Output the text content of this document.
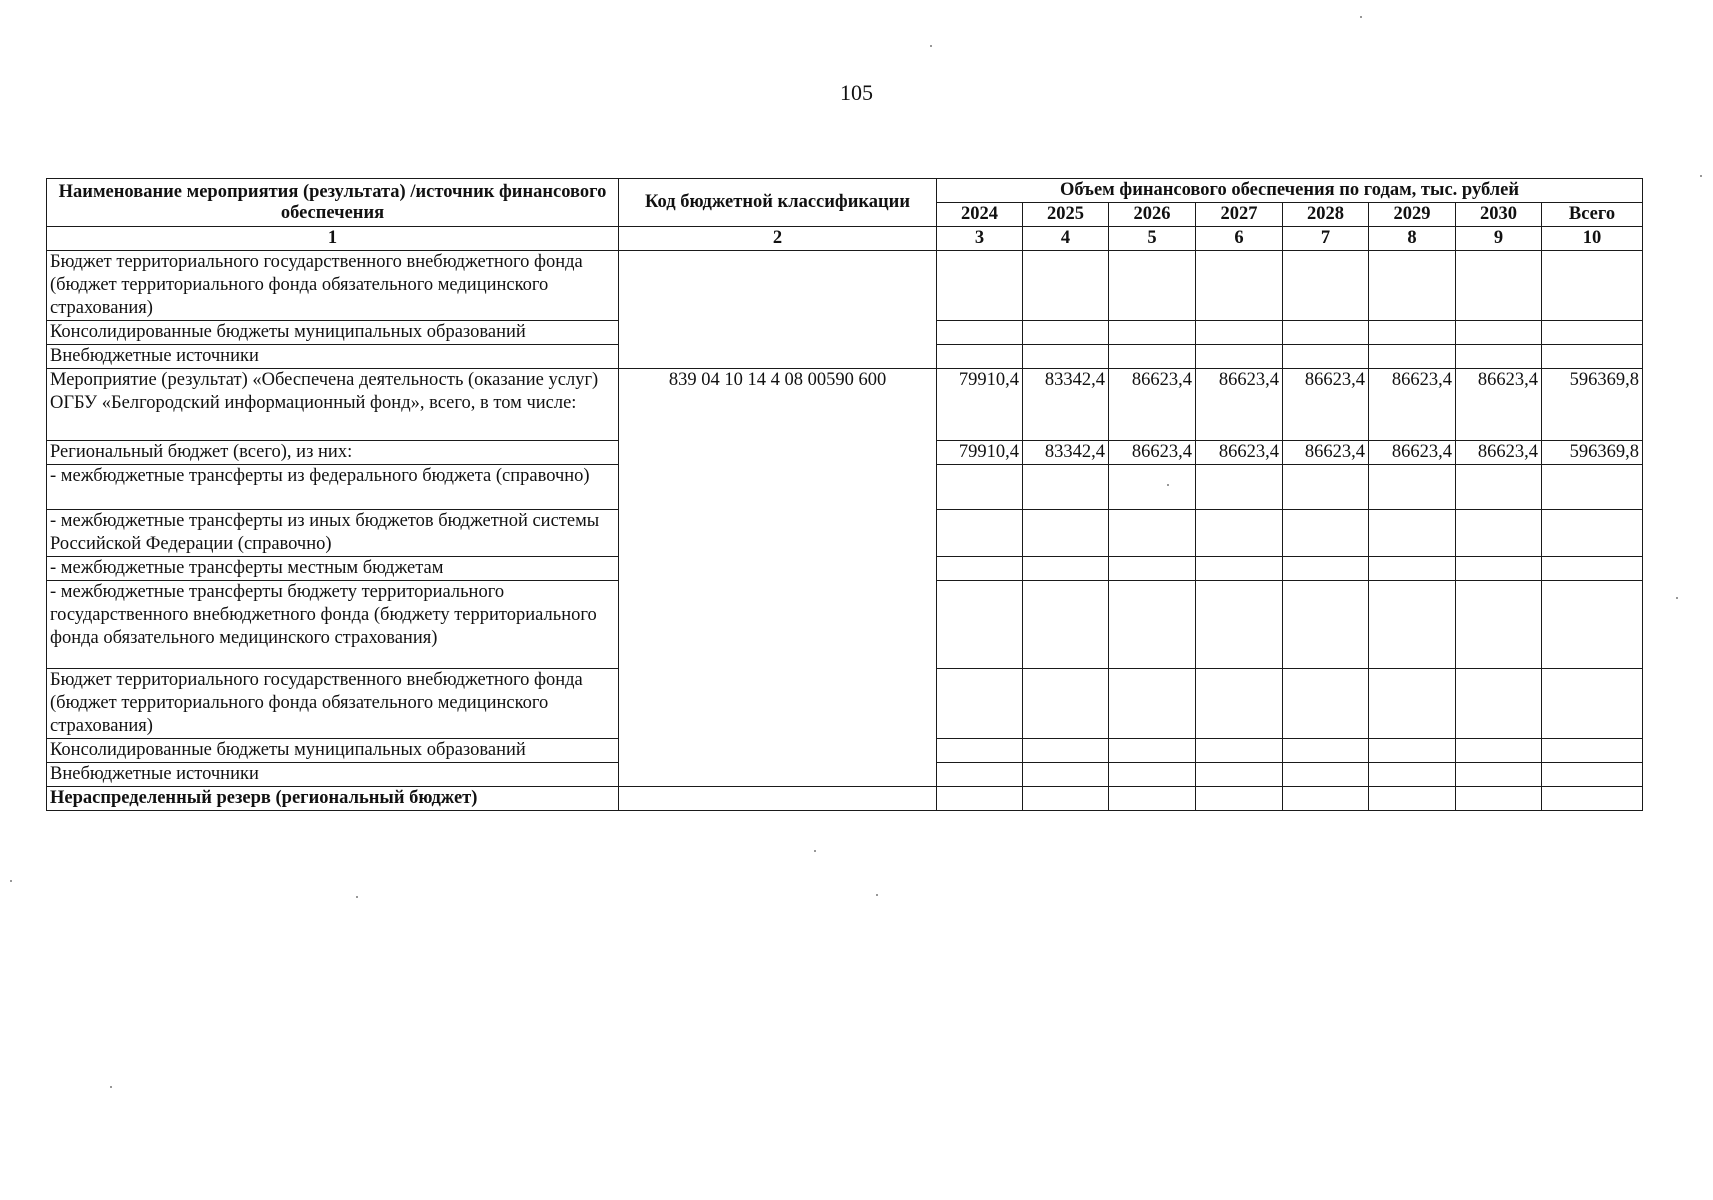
105
Наименование мероприятия (результата) /источник финансового обеспечения	Код бюджетной классификации	Объем финансового обеспечения по годам, тыс. рублей							
		2024	2025	2026	2027	2028	2029	2030	Всего
1	2	3	4	5	6	7	8	9	10
Бюджет территориального государственного внебюджетного фонда (бюджет территориального фонда обязательного медицинского страхования)									
Консолидированные бюджеты муниципальных образований									
Внебюджетные источники									
Мероприятие (результат) «Обеспечена деятельность (оказание услуг) ОГБУ «Белгородский информационный фонд», всего, в том числе:	839 04 10 14 4 08 00590 600	79910,4	83342,4	86623,4	86623,4	86623,4	86623,4	86623,4	596369,8
Региональный бюджет (всего), из них:		79910,4	83342,4	86623,4	86623,4	86623,4	86623,4	86623,4	596369,8
- межбюджетные трансферты из федерального бюджета (справочно)									
- межбюджетные трансферты из иных бюджетов бюджетной системы Российской Федерации (справочно)									
- межбюджетные трансферты местным бюджетам									
- межбюджетные трансферты бюджету территориального государственного внебюджетного фонда (бюджету территориального фонда обязательного медицинского страхования)									
Бюджет территориального государственного внебюджетного фонда (бюджет территориального фонда обязательного медицинского страхования)									
Консолидированные бюджеты муниципальных образований									
Внебюджетные источники									
Нераспределенный резерв (региональный бюджет)									
